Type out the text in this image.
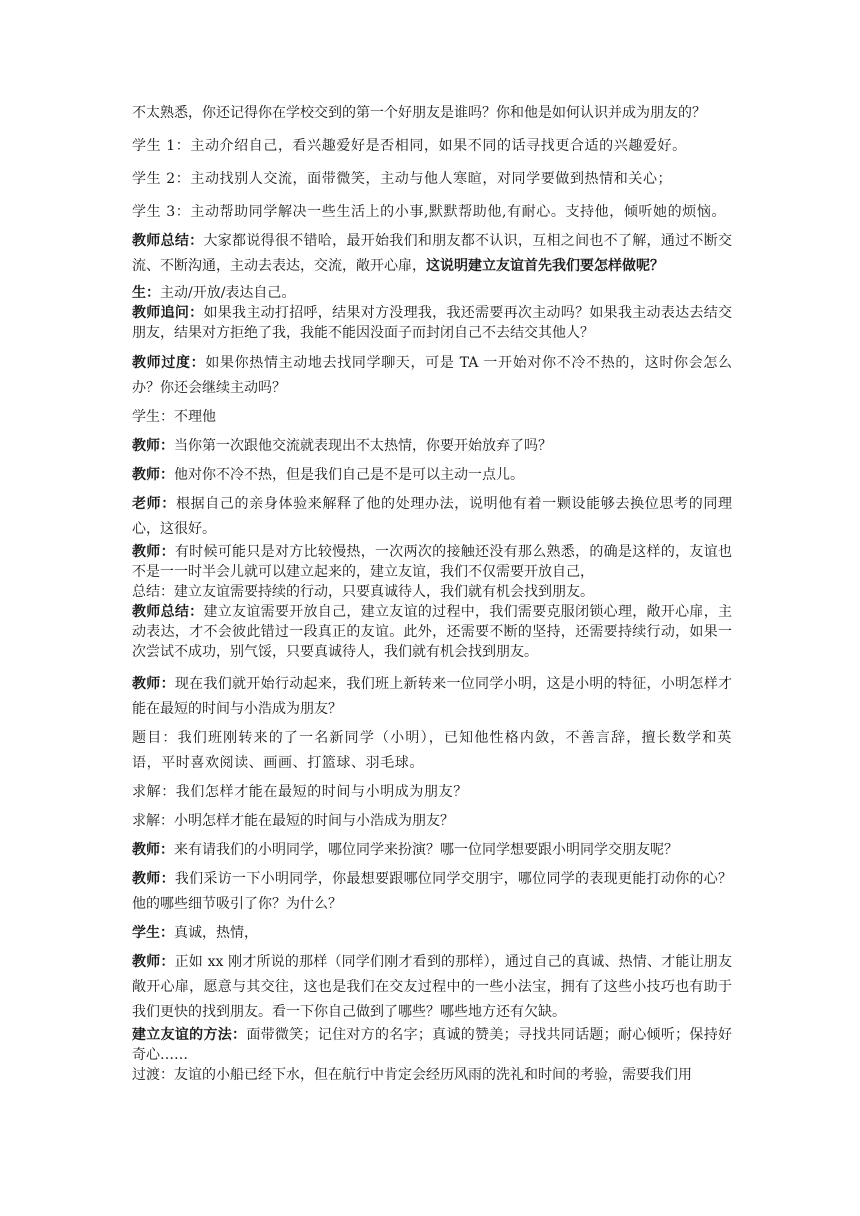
不太熟悉，你还记得你在学校交到的第一个好朋友是谁吗？你和他是如何认识并成为朋友的？

学生 1：主动介绍自己，看兴趣爱好是否相同，如果不同的话寻找更合适的兴趣爱好。

学生 2：主动找别人交流，面带微笑，主动与他人寒暄，对同学要做到热情和关心；

学生 3：主动帮助同学解决一些生活上的小事,默默帮助他,有耐心。支持他，倾听她的烦恼。

教师总结：大家都说得很不错哈，最开始我们和朋友都不认识，互相之间也不了解，通过不断交流、不断沟通，主动去表达，交流，敞开心扉，这说明建立友谊首先我们要怎样做呢？

生：主动/开放/表达自己。

教师追问：如果我主动打招呼，结果对方没理我，我还需要再次主动吗？如果我主动表达去结交朋友，结果对方拒绝了我，我能不能因没面子而封闭自己不去结交其他人？

教师过度：如果你热情主动地去找同学聊天，可是 TA 一开始对你不冷不热的，这时你会怎么办？你还会继续主动吗？

学生：不理他

教师：当你第一次跟他交流就表现出不太热情，你要开始放弃了吗？

教师：他对你不冷不热，但是我们自己是不是可以主动一点儿。

老师：根据自己的亲身体验来解释了他的处理办法，说明他有着一颗设能够去换位思考的同理心，这很好。

教师：有时候可能只是对方比较慢热，一次两次的接触还没有那么熟悉，的确是这样的，友谊也不是一一时半会儿就可以建立起来的，建立友谊，我们不仅需要开放自己，

总结：建立友谊需要持续的行动，只要真诚待人，我们就有机会找到朋友。

教师总结：建立友谊需要开放自己，建立友谊的过程中，我们需要克服闭锁心理，敞开心扉，主动表达，才不会彼此错过一段真正的友谊。此外，还需要不断的坚持，还需要持续行动，如果一次尝试不成功，别气馁，只要真诚待人，我们就有机会找到朋友。

教师：现在我们就开始行动起来，我们班上新转来一位同学小明，这是小明的特征，小明怎样才能在最短的时间与小浩成为朋友？

题目：我们班刚转来的了一名新同学（小明），已知他性格内敛，不善言辞，擅长数学和英语，平时喜欢阅读、画画、打篮球、羽毛球。

求解：我们怎样才能在最短的时间与小明成为朋友？

求解：小明怎样才能在最短的时间与小浩成为朋友？

教师：来有请我们的小明同学，哪位同学来扮演？哪一位同学想要跟小明同学交朋友呢？

教师：我们采访一下小明同学，你最想要跟哪位同学交朋宇，哪位同学的表现更能打动你的心？他的哪些细节吸引了你？为什么？

学生：真诚，热情，

教师：正如 xx 刚才所说的那样（同学们刚才看到的那样），通过自己的真诚、热情、才能让朋友敞开心扉，愿意与其交往，这也是我们在交友过程中的一些小法宝，拥有了这些小技巧也有助于我们更快的找到朋友。看一下你自己做到了哪些？哪些地方还有欠缺。

建立友谊的方法：面带微笑；记住对方的名字；真诚的赞美；寻找共同话题；耐心倾听；保持好奇心……

过渡：友谊的小船已经下水，但在航行中肯定会经历风雨的洗礼和时间的考验，需要我们用
